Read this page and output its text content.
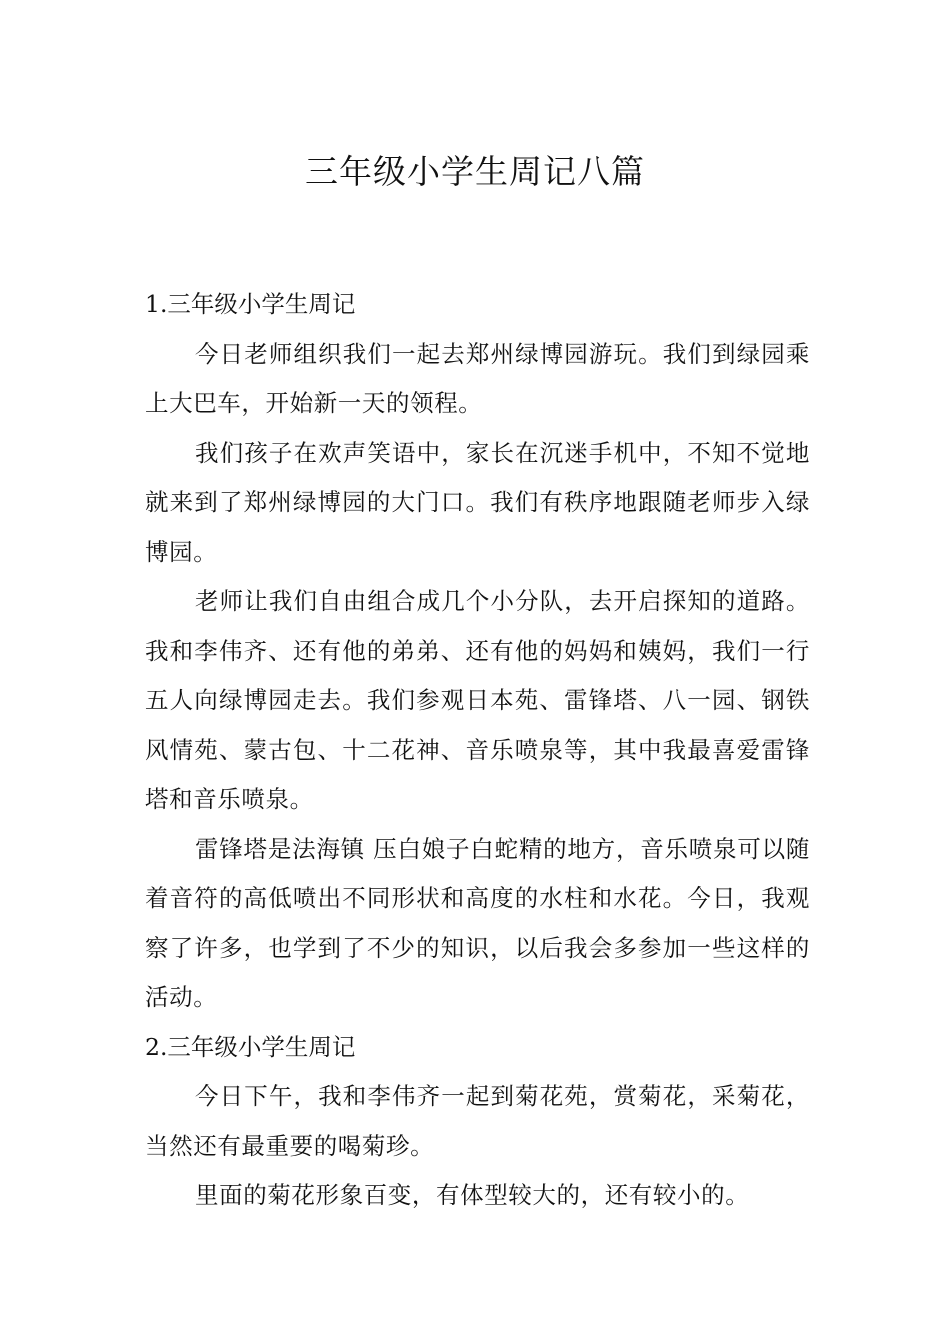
三年级小学生周记八篇

1.三年级小学生周记

今日老师组织我们一起去郑州绿博园游玩。我们到绿园乘上大巴车，开始新一天的领程。

我们孩子在欢声笑语中，家长在沉迷手机中，不知不觉地就来到了郑州绿博园的大门口。我们有秩序地跟随老师步入绿博园。

老师让我们自由组合成几个小分队，去开启探知的道路。我和李伟齐、还有他的弟弟、还有他的妈妈和姨妈，我们一行五人向绿博园走去。我们参观日本苑、雷锋塔、八一园、钢铁风情苑、蒙古包、十二花神、音乐喷泉等，其中我最喜爱雷锋塔和音乐喷泉。

雷锋塔是法海镇 压白娘子白蛇精的地方，音乐喷泉可以随着音符的高低喷出不同形状和高度的水柱和水花。今日，我观察了许多，也学到了不少的知识，以后我会多参加一些这样的活动。

2.三年级小学生周记

今日下午，我和李伟齐一起到菊花苑，赏菊花，采菊花，当然还有最重要的喝菊珍。

里面的菊花形象百变，有体型较大的，还有较小的。
